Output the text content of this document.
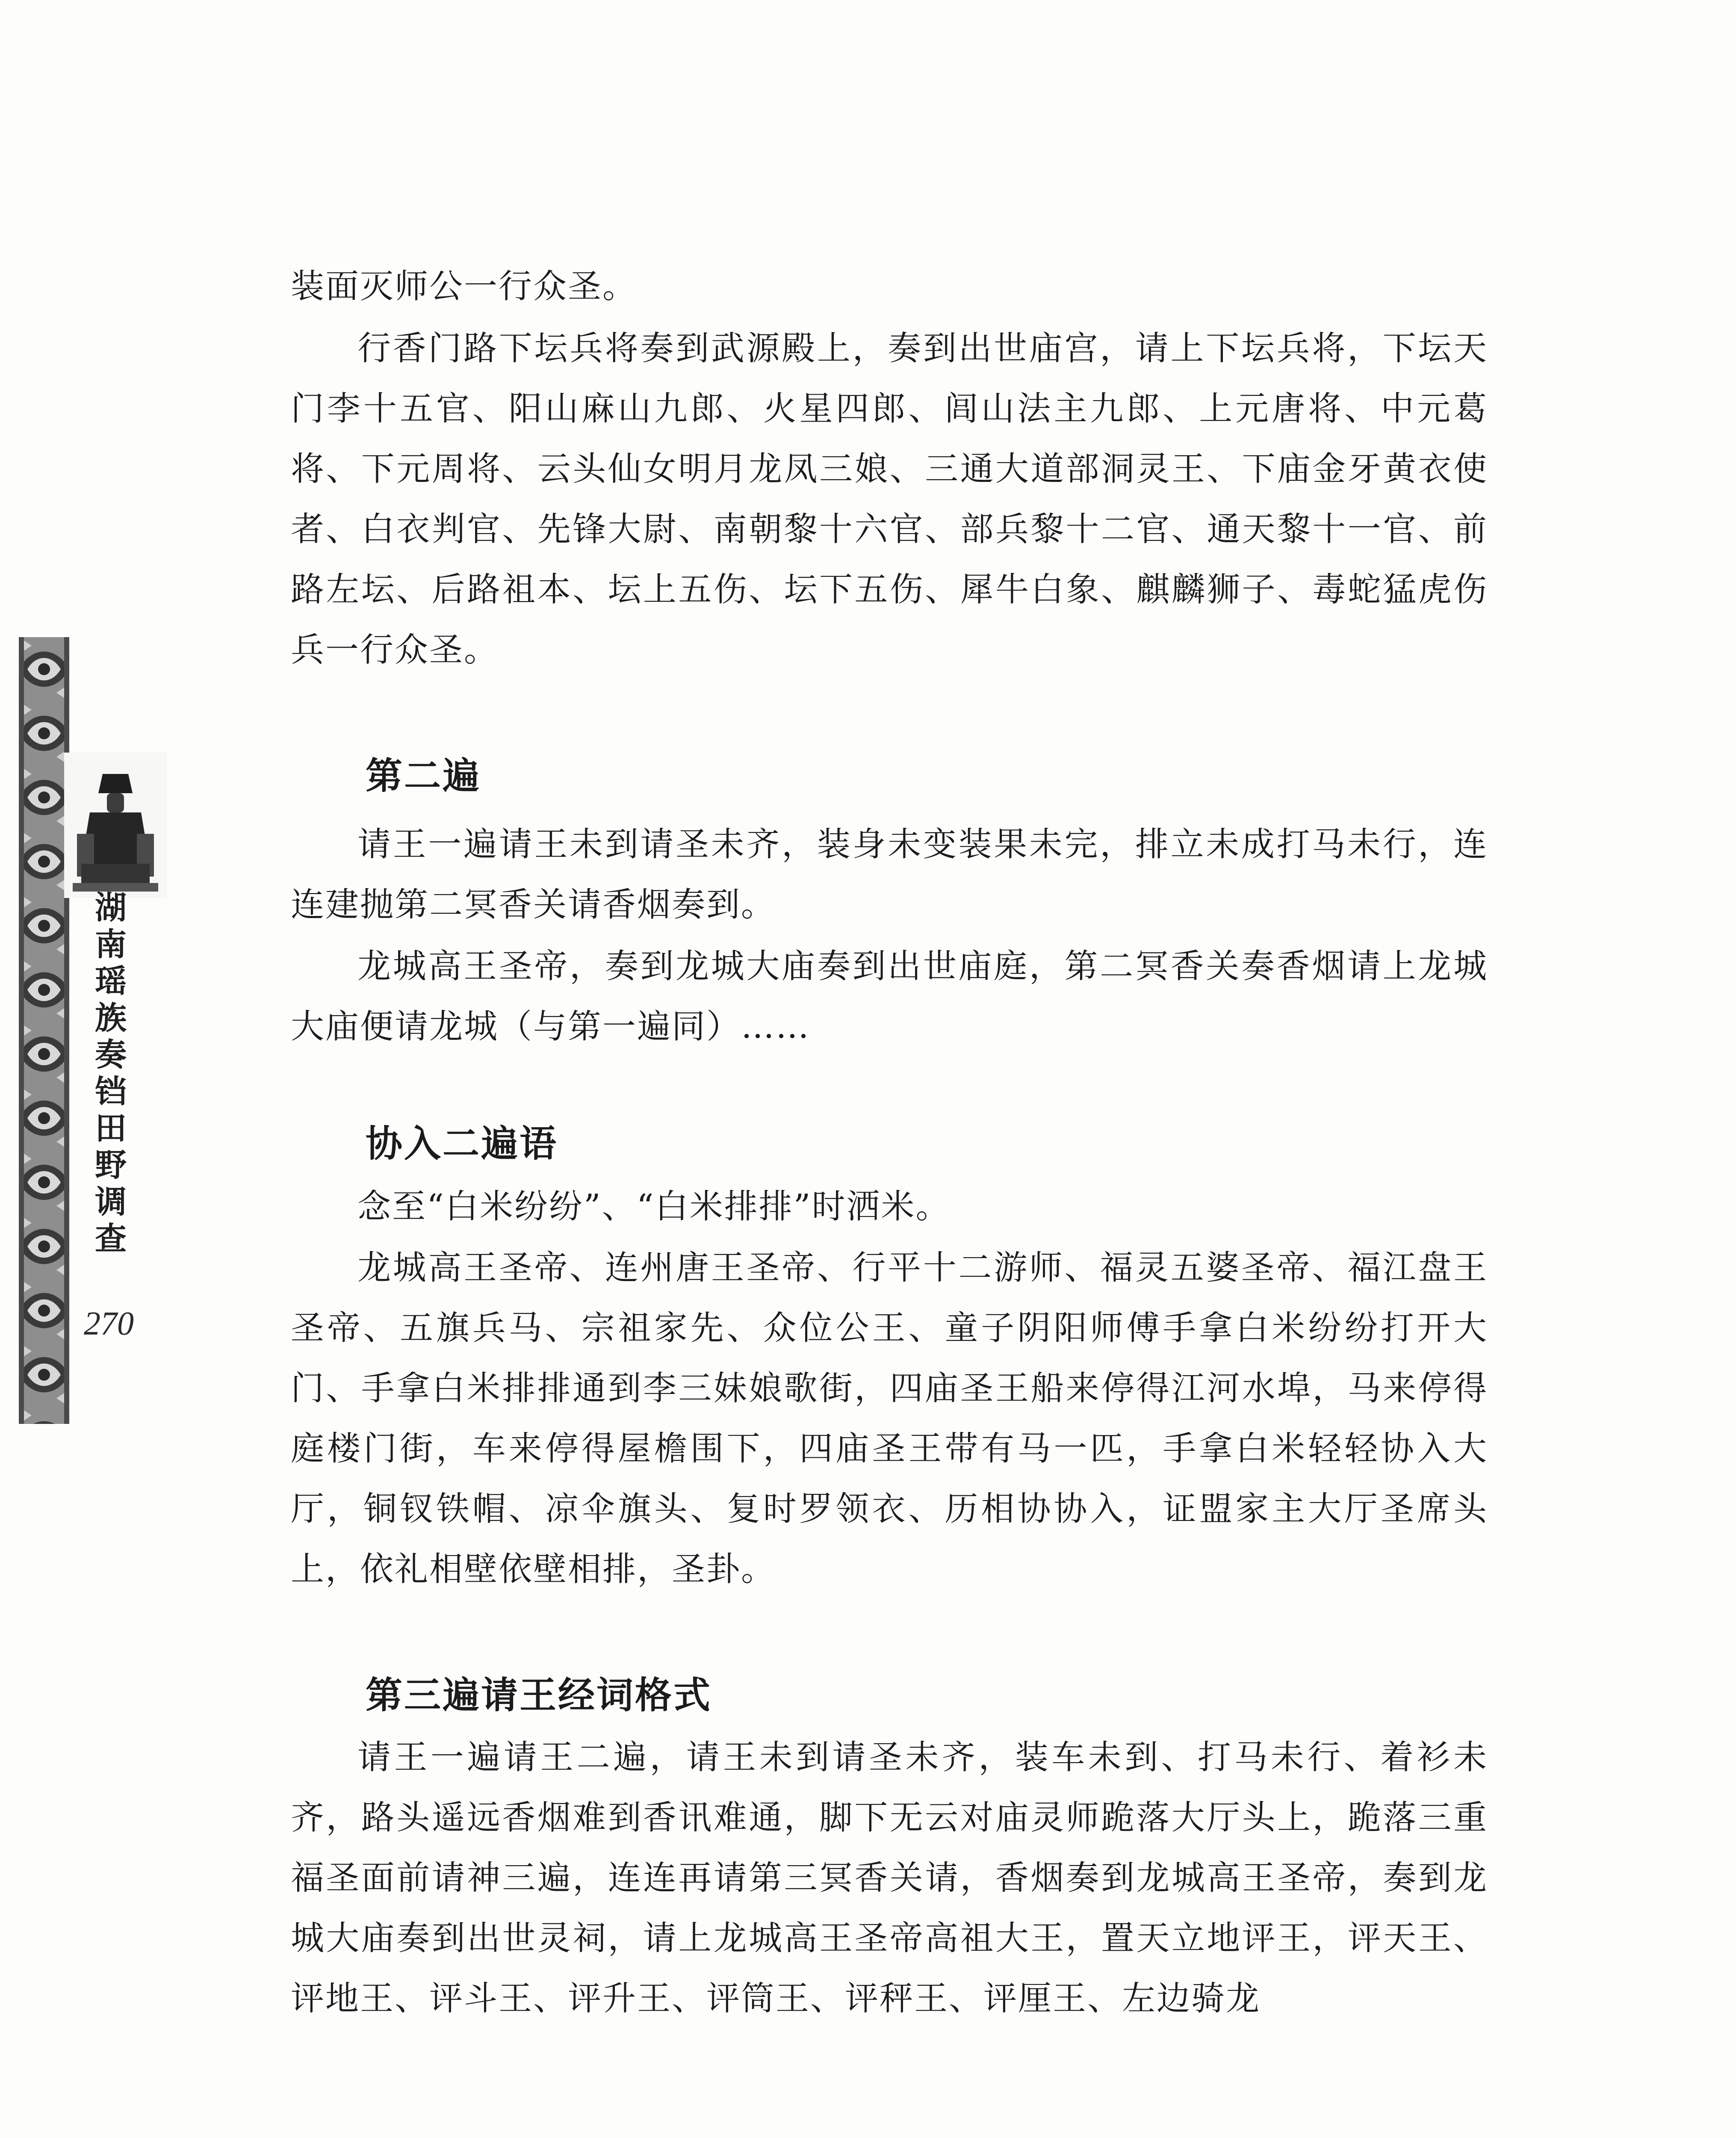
湖南瑶族奏铛田野调查
270

装面灭师公一行众圣。

行香门路下坛兵将奏到武源殿上，奏到出世庙宫，请上下坛兵将，下坛天门李十五官、阳山麻山九郎、火星四郎、闾山法主九郎、上元唐将、中元葛将、下元周将、云头仙女明月龙凤三娘、三通大道部洞灵王、下庙金牙黄衣使者、白衣判官、先锋大尉、南朝黎十六官、部兵黎十二官、通天黎十一官、前路左坛、后路祖本、坛上五伤、坛下五伤、犀牛白象、麒麟狮子、毒蛇猛虎伤兵一行众圣。

第二遍

请王一遍请王未到请圣未齐，装身未变装果未完，排立未成打马未行，连连建抛第二冥香关请香烟奏到。

龙城高王圣帝，奏到龙城大庙奏到出世庙庭，第二冥香关奏香烟请上龙城大庙便请龙城（与第一遍同）……

协入二遍语

念至“白米纷纷”、“白米排排”时洒米。

龙城高王圣帝、连州唐王圣帝、行平十二游师、福灵五婆圣帝、福江盘王圣帝、五旗兵马、宗祖家先、众位公王、童子阴阳师傅手拿白米纷纷打开大门、手拿白米排排通到李三妹娘歌街，四庙圣王船来停得江河水埠，马来停得庭楼门街，车来停得屋檐围下，四庙圣王带有马一匹，手拿白米轻轻协入大厅，铜钗铁帽、凉伞旗头、复时罗领衣、历相协协入，证盟家主大厅圣席头上，依礼相壁依壁相排，圣卦。

第三遍请王经词格式

请王一遍请王二遍，请王未到请圣未齐，装车未到、打马未行、着衫未齐，路头遥远香烟难到香讯难通，脚下无云对庙灵师跪落大厅头上，跪落三重福圣面前请神三遍，连连再请第三冥香关请，香烟奏到龙城高王圣帝，奏到龙城大庙奏到出世灵祠，请上龙城高王圣帝高祖大王，置天立地评王，评天王、评地王、评斗王、评升王、评筒王、评秤王、评厘王、左边骑龙
